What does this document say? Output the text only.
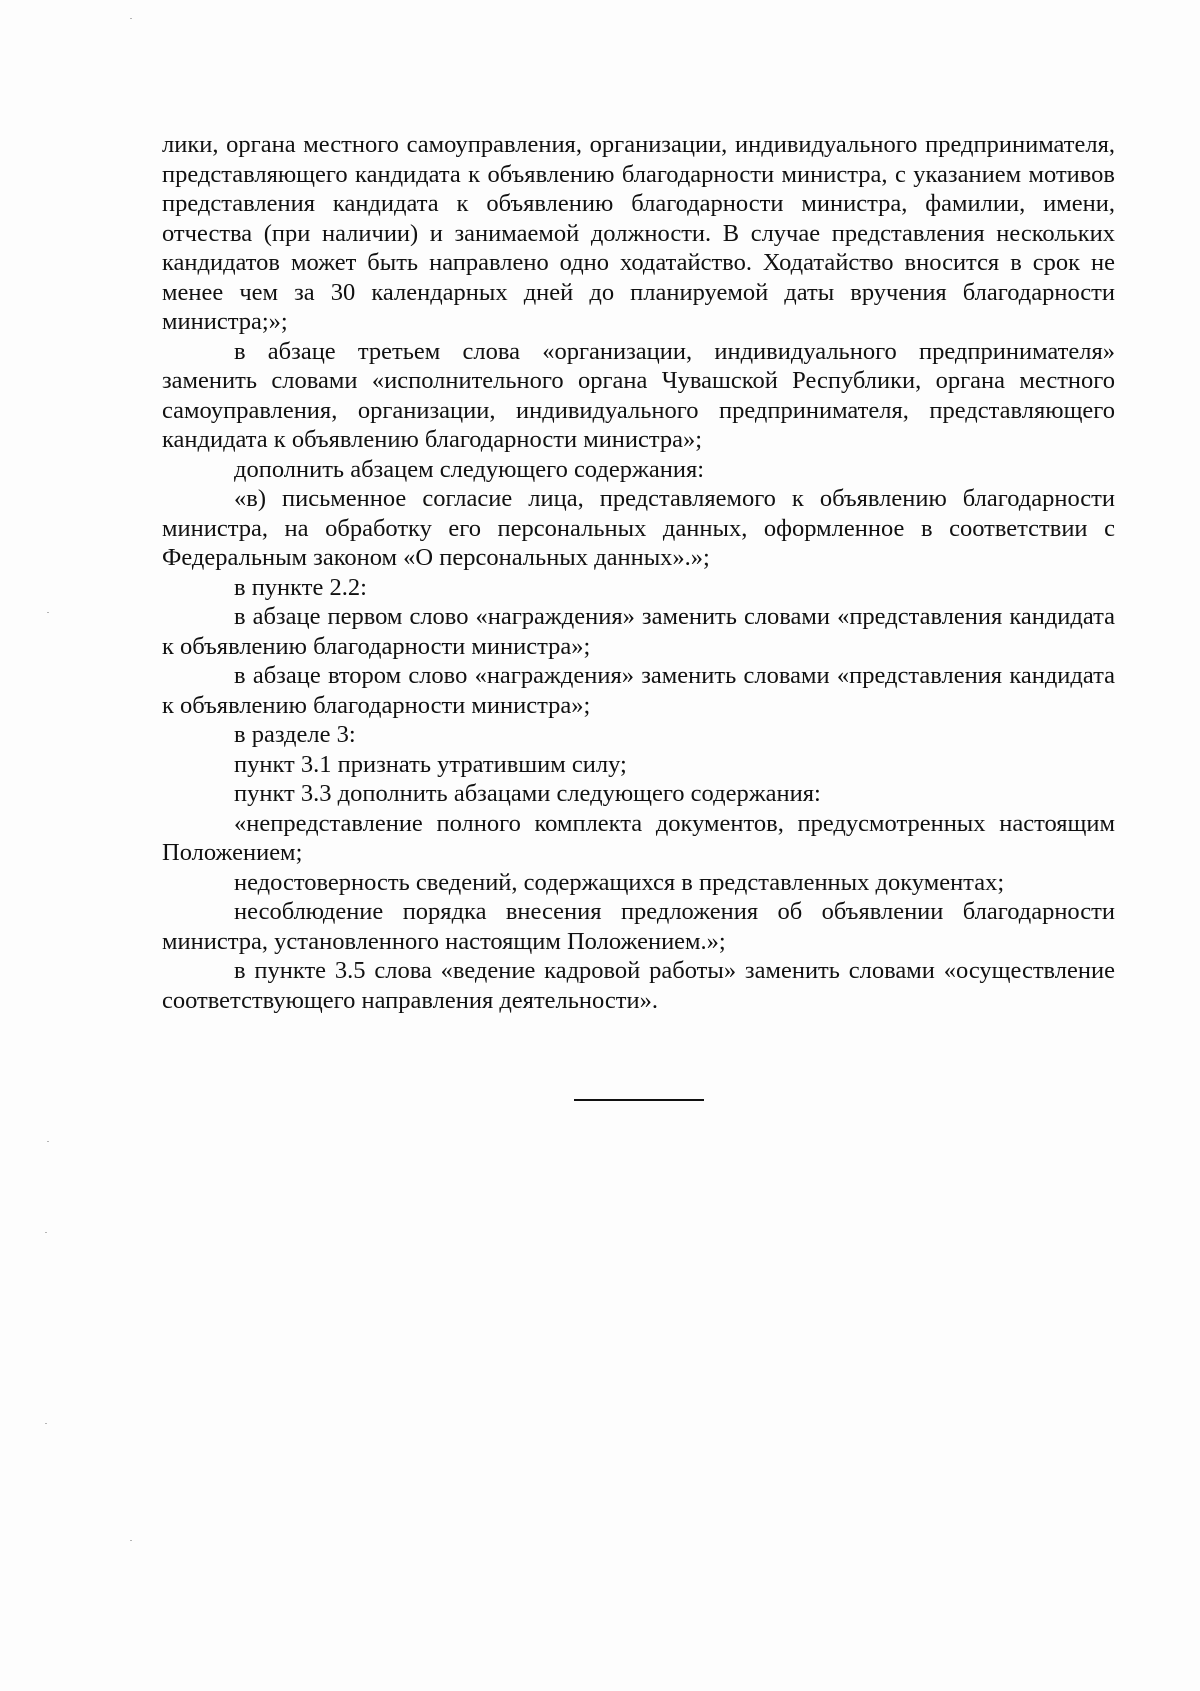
лики, органа местного самоуправления, организации, индивидуального предпринимателя, представляющего кандидата к объявлению благодарности министра, с указанием мотивов представления кандидата к объявлению благодарности министра, фамилии, имени, отчества (при наличии) и занимаемой должности. В случае представления нескольких кандидатов может быть направлено одно ходатайство. Ходатайство вносится в срок не менее чем за 30 календарных дней до планируемой даты вручения благодарности министра;»;

в абзаце третьем слова «организации, индивидуального предпринимателя» заменить словами «исполнительного органа Чувашской Республики, органа местного самоуправления, организации, индивидуального предпринимателя, представляющего кандидата к объявлению благодарности министра»;

дополнить абзацем следующего содержания:

«в) письменное согласие лица, представляемого к объявлению благодарности министра, на обработку его персональных данных, оформленное в соответствии с Федеральным законом «О персональных данных».»;

в пункте 2.2:

в абзаце первом слово «награждения» заменить словами «представления кандидата к объявлению благодарности министра»;

в абзаце втором слово «награждения» заменить словами «представления кандидата к объявлению благодарности министра»;

в разделе 3:

пункт 3.1 признать утратившим силу;

пункт 3.3 дополнить абзацами следующего содержания:

«непредставление полного комплекта документов, предусмотренных настоящим Положением;

недостоверность сведений, содержащихся в представленных документах;

несоблюдение порядка внесения предложения об объявлении благодарности министра, установленного настоящим Положением.»;

в пункте 3.5 слова «ведение кадровой работы» заменить словами «осуществление соответствующего направления деятельности».
